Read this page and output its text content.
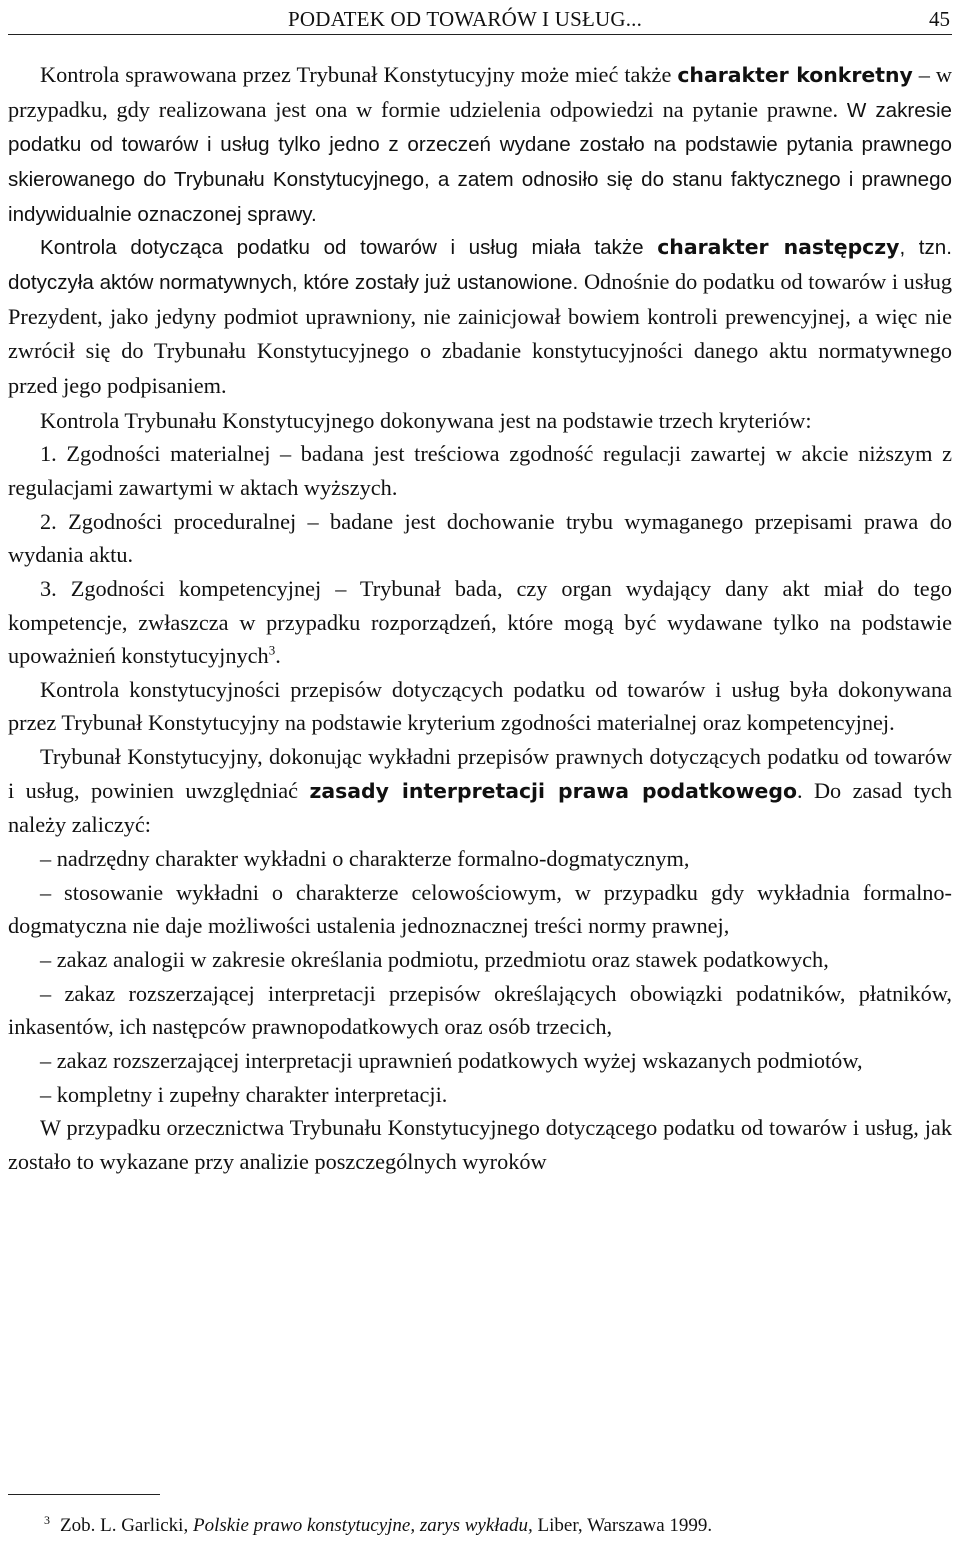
PODATEK OD TOWARÓW I USŁUG...	45

Kontrola sprawowana przez Trybunał Konstytucyjny może mieć także charakter konkretny – w przypadku, gdy realizowana jest ona w formie udzielenia odpowiedzi na pytanie prawne. W zakresie podatku od towarów i usług tylko jedno z orzeczeń wydane zostało na podstawie pytania prawnego skierowanego do Trybunału Konstytucyjnego, a zatem odnosiło się do stanu faktycznego i prawnego indywidualnie oznaczonej sprawy.

Kontrola dotycząca podatku od towarów i usług miała także charakter następczy, tzn. dotyczyła aktów normatywnych, które zostały już ustanowione. Odnośnie do podatku od towarów i usług Prezydent, jako jedyny podmiot uprawniony, nie zainicjował bowiem kontroli prewencyjnej, a więc nie zwrócił się do Trybunału Konstytucyjnego o zbadanie konstytucyjności danego aktu normatywnego przed jego podpisaniem.

Kontrola Trybunału Konstytucyjnego dokonywana jest na podstawie trzech kryteriów:

1. Zgodności materialnej – badana jest treściowa zgodność regulacji zawartej w akcie niższym z regulacjami zawartymi w aktach wyższych.

2. Zgodności proceduralnej – badane jest dochowanie trybu wymaganego przepisami prawa do wydania aktu.

3. Zgodności kompetencyjnej – Trybunał bada, czy organ wydający dany akt miał do tego kompetencje, zwłaszcza w przypadku rozporządzeń, które mogą być wydawane tylko na podstawie upoważnień konstytucyjnych$^3$.

Kontrola konstytucyjności przepisów dotyczących podatku od towarów i usług była dokonywana przez Trybunał Konstytucyjny na podstawie kryterium zgodności materialnej oraz kompetencyjnej.

Trybunał Konstytucyjny, dokonując wykładni przepisów prawnych dotyczących podatku od towarów i usług, powinien uwzględniać zasady interpretacji prawa podatkowego. Do zasad tych należy zaliczyć:

– nadrzędny charakter wykładni o charakterze formalno-dogmatycznym,

– stosowanie wykładni o charakterze celowościowym, w przypadku gdy wykładnia formalno-dogmatyczna nie daje możliwości ustalenia jednoznacznej treści normy prawnej,

– zakaz analogii w zakresie określania podmiotu, przedmiotu oraz stawek podatkowych,

– zakaz rozszerzającej interpretacji przepisów określających obowiązki podatników, płatników, inkasentów, ich następców prawnopodatkowych oraz osób trzecich,

– zakaz rozszerzającej interpretacji uprawnień podatkowych wyżej wskazanych podmiotów,

– kompletny i zupełny charakter interpretacji.

W przypadku orzecznictwa Trybunału Konstytucyjnego dotyczącego podatku od towarów i usług, jak zostało to wykazane przy analizie poszczególnych wyroków

$^3$ Zob. L. Garlicki, Polskie prawo konstytucyjne, zarys wykładu, Liber, Warszawa 1999.
